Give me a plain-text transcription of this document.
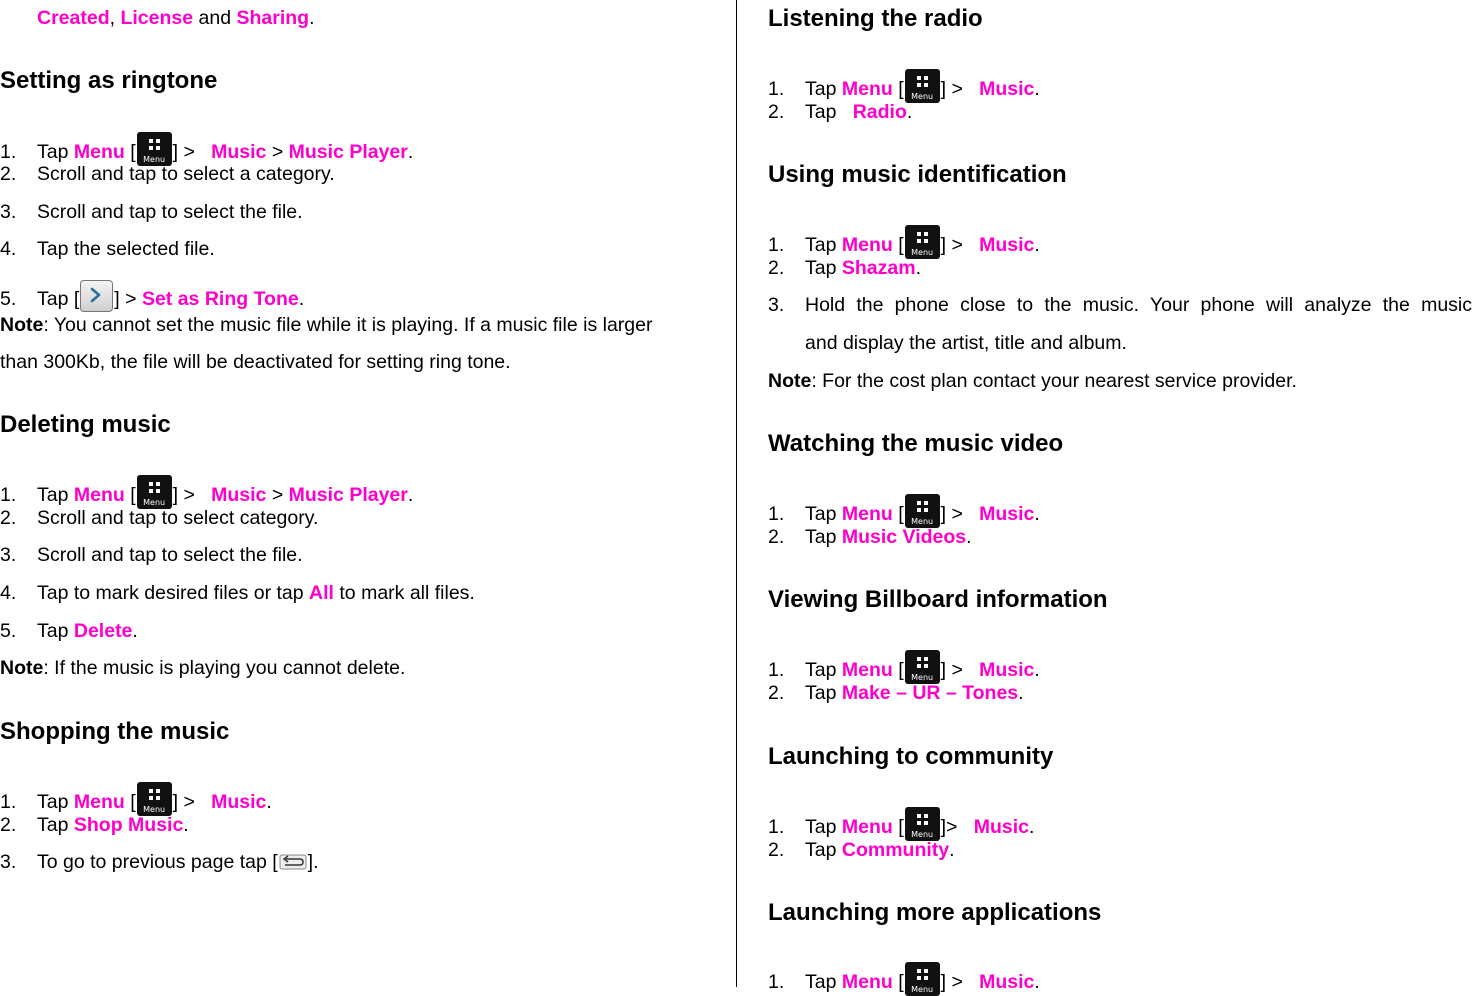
Created, License and Sharing.
Setting as ringtone
1. Tap Menu [ Menu ] > Music > Music Player.
2. Scroll and tap to select a category.
3. Scroll and tap to select the file.
4. Tap the selected file.
5. Tap [ ] > Set as Ring Tone.
Note: You cannot set the music file while it is playing. If a music file is larger
than 300Kb, the file will be deactivated for setting ring tone.
Deleting music
1. Tap Menu [ Menu ] > Music > Music Player.
2. Scroll and tap to select category.
3. Scroll and tap to select the file.
4. Tap to mark desired files or tap All to mark all files.
5. Tap Delete.
Note: If the music is playing you cannot delete.
Shopping the music
1. Tap Menu [ Menu ] > Music.
2. Tap Shop Music.
3. To go to previous page tap [ ].
Listening the radio
1. Tap Menu [ Menu ] > Music.
2. Tap Radio.
Using music identification
1. Tap Menu [ Menu ] > Music.
2. Tap Shazam.
3.	Hold the phone close to the music. Your phone will analyze the music
and display the artist, title and album.
Note: For the cost plan contact your nearest service provider.
Watching the music video
1. Tap Menu [ Menu ] > Music.
2. Tap Music Videos.
Viewing Billboard information
1. Tap Menu [ Menu ] > Music.
2. Tap Make – UR – Tones.
Launching to community
1. Tap Menu [ Menu ]> Music.
2. Tap Community.
Launching more applications
1. Tap Menu [ Menu ] > Music.
